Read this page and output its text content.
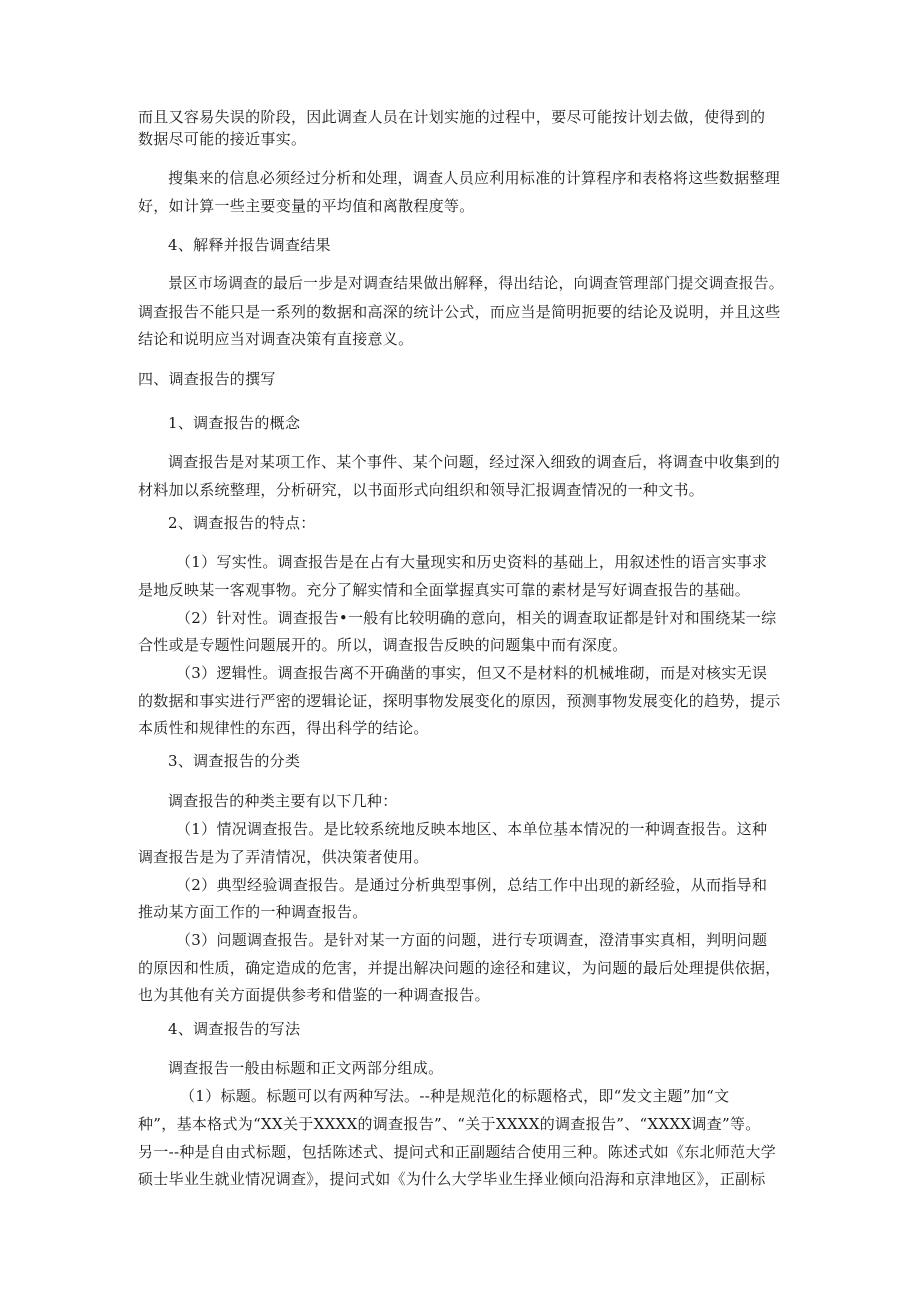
而且又容易失误的阶段，因此调查人员在计划实施的过程中，要尽可能按计划去做，使得到的
数据尽可能的接近事实。
搜集来的信息必须经过分析和处理，调查人员应利用标准的计算程序和表格将这些数据整理
好，如计算一些主要变量的平均值和离散程度等。
4、解释并报告调查结果
景区市场调查的最后一步是对调查结果做出解释，得出结论，向调查管理部门提交调查报告。
调查报告不能只是一系列的数据和高深的统计公式，而应当是简明扼要的结论及说明，并且这些
结论和说明应当对调查决策有直接意义。
四、调查报告的撰写
1、调查报告的概念
调查报告是对某项工作、某个事件、某个问题，经过深入细致的调查后，将调查中收集到的
材料加以系统整理，分析研究，以书面形式向组织和领导汇报调查情况的一种文书。
2、调查报告的特点：
（1）写实性。调查报告是在占有大量现实和历史资料的基础上，用叙述性的语言实事求
是地反映某一客观事物。充分了解实情和全面掌握真实可靠的素材是写好调查报告的基础。
（2）针对性。调查报告•一般有比较明确的意向，相关的调查取证都是针对和围绕某一综
合性或是专题性问题展开的。所以，调查报告反映的问题集中而有深度。
（3）逻辑性。调查报告离不开确凿的事实，但又不是材料的机械堆砌，而是对核实无误
的数据和事实进行严密的逻辑论证，探明事物发展变化的原因，预测事物发展变化的趋势，提示
本质性和规律性的东西，得出科学的结论。
3、调查报告的分类
调查报告的种类主要有以下几种：
（1）情况调查报告。是比较系统地反映本地区、本单位基本情况的一种调查报告。这种
调查报告是为了弄清情况，供决策者使用。
（2）典型经验调查报告。是通过分析典型事例，总结工作中出现的新经验，从而指导和
推动某方面工作的一种调查报告。
（3）问题调查报告。是针对某一方面的问题，进行专项调查，澄清事实真相，判明问题
的原因和性质，确定造成的危害，并提出解决问题的途径和建议，为问题的最后处理提供依据，
也为其他有关方面提供参考和借鉴的一种调查报告。
4、调查报告的写法
调查报告一般由标题和正文两部分组成。
（1）标题。标题可以有两种写法。--种是规范化的标题格式，即“发文主题”加“文
种”，基本格式为“XX关于XXXX的调查报告”、“关于XXXX的调查报告”、“XXXX调查”等。
另一--种是自由式标题，包括陈述式、提问式和正副题结合使用三种。陈述式如《东北师范大学
硕士毕业生就业情况调查》，提问式如《为什么大学毕业生择业倾向沿海和京津地区》，正副标
